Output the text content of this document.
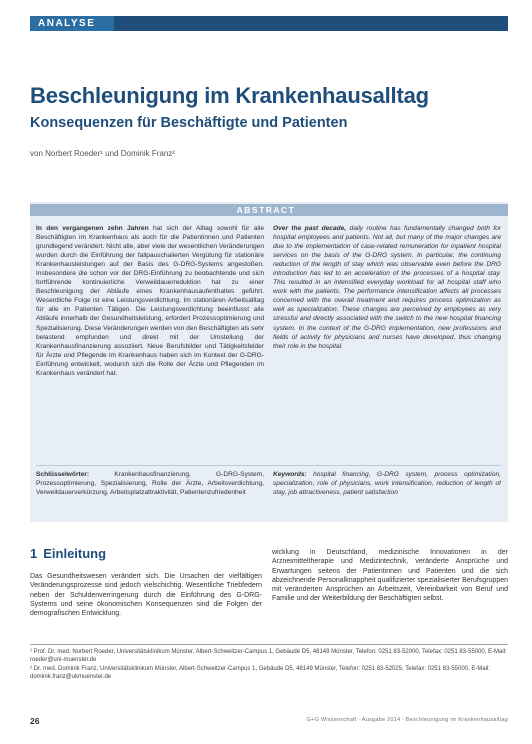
ANALYSE
Beschleunigung im Krankenhausalltag
Konsequenzen für Beschäftigte und Patienten
von Norbert Roeder¹ und Dominik Franz²
ABSTRACT
In den vergangenen zehn Jahren hat sich der Alltag sowohl für alle Beschäftigten im Krankenhaus als auch für die Patientinnen und Patienten grundlegend verändert. Nicht alle, aber viele der wesentlichen Veränderungen wurden durch die Einführung der fallpauschalierten Vergütung für stationäre Krankenhausleistungen auf der Basis des G-DRG-Systems angestoßen. Insbesondere die schon vor der DRG-Einführung zu beobachtende und sich fortführende kontinuierliche Verweildauerreduktion hat zu einer Beschleunigung der Abläufe eines Krankenhausaufenthaltes geführt. Wesentliche Folge ist eine Leistungsverdichtung. Im stationären Arbeitsalltag für alle im Patienten Tätigen. Die Leistungsverdichtung beeinflusst alle Abläufe innerhalb der Gesundheitsleistung, erfordert Prozessoptimierung und Spezialisierung. Diese Veränderungen werden von den Beschäftigten als sehr belastend empfunden und direkt mit der Umstellung der Krankenhausfinanzierung assoziiert. Neue Berufsbilder und Tätigkeitsfelder für Ärzte und Pflegende im Krankenhaus haben sich im Kontext der G-DRG-Einführung entwickelt, wodurch sich die Rolle der Ärzte und Pflegenden im Krankenhaus verändert hat.
Over the past decade, daily routine has fundamentally changed both for hospital employees and patients. Not all, but many of the major changes are due to the implementation of case-related remuneration for inpatient hospital services on the basis of the G-DRG system. In particular, the continuing reduction of the length of stay which was observable even before the DRG introduction has led to an acceleration of the processes of a hospital stay. This resulted in an intensified everyday workload for all hospital staff who work with the patients. The performance intensification affects all processes concerned with the overall treatment and requires process optimization as well as specialization. These changes are perceived by employees as very stressful and directly associated with the switch to the new hospital financing system. In the context of the G-DRG implementation, new professions and fields of activity for physicians and nurses have developed, thus changing their role in the hospital.
Schlüsselwörter: Krankenhausfinanzierung, G-DRG-System, Prozessoptimierung, Spezialisierung, Rolle der Ärzte, Arbeitsverdichtung, Verweildauerverkürzung, Arbeitsplatzattraktivität, Patientenzufriedenheit
Keywords: hospital financing, G-DRG system, process optimization, specialization, role of physicians, work intensification, reduction of length of stay, job attractiveness, patient satisfaction
1 Einleitung
Das Gesundheitswesen verändert sich. Die Ursachen der vielfältigen Veränderungsprozesse sind jedoch vielschichtig. Wesentliche Triebfedern neben der Schuldenverringerung durch die Einführung des G-DRG-Systems und seine ökonomischen Konsequenzen sind die Folgen der demografischen Entwicklung.
wicklung in Deutschland, medizinische Innovationen in der Arzneimitteltherapie und Medizintechnik, veränderte Ansprüche und Erwartungen seitens der Patientinnen und Patienten und die sich abzeichnende Personalknappheit qualifizierter spezialisierter Berufsgruppen mit veränderten Ansprüchen an Arbeitszeit, Vereinbarkeit von Beruf und Familie und der Weiterbildung der Beschäftigten selbst.
¹ Prof. Dr. med. Norbert Roeder, Universitätsklinikum Münster, Albert-Schweitzer-Campus 1, Gebäude D5, 48149 Münster, Telefon: 0251 83-52000, Telefax: 0251 83-55000, E-Mail: roeder@uni-muenster.de
² Dr. med. Dominik Franz, Universitätsklinikum Münster, Albert-Schweitzer-Campus 1, Gebäude D5, 48149 Münster, Telefon: 0251 83-52025, Telefax: 0251 83-55000, E-Mail: dominik.franz@ukmuenster.de
26	G+G Wissenschaft · Ausgabe 2014 · Beschleunigung im Krankenhausalltag
